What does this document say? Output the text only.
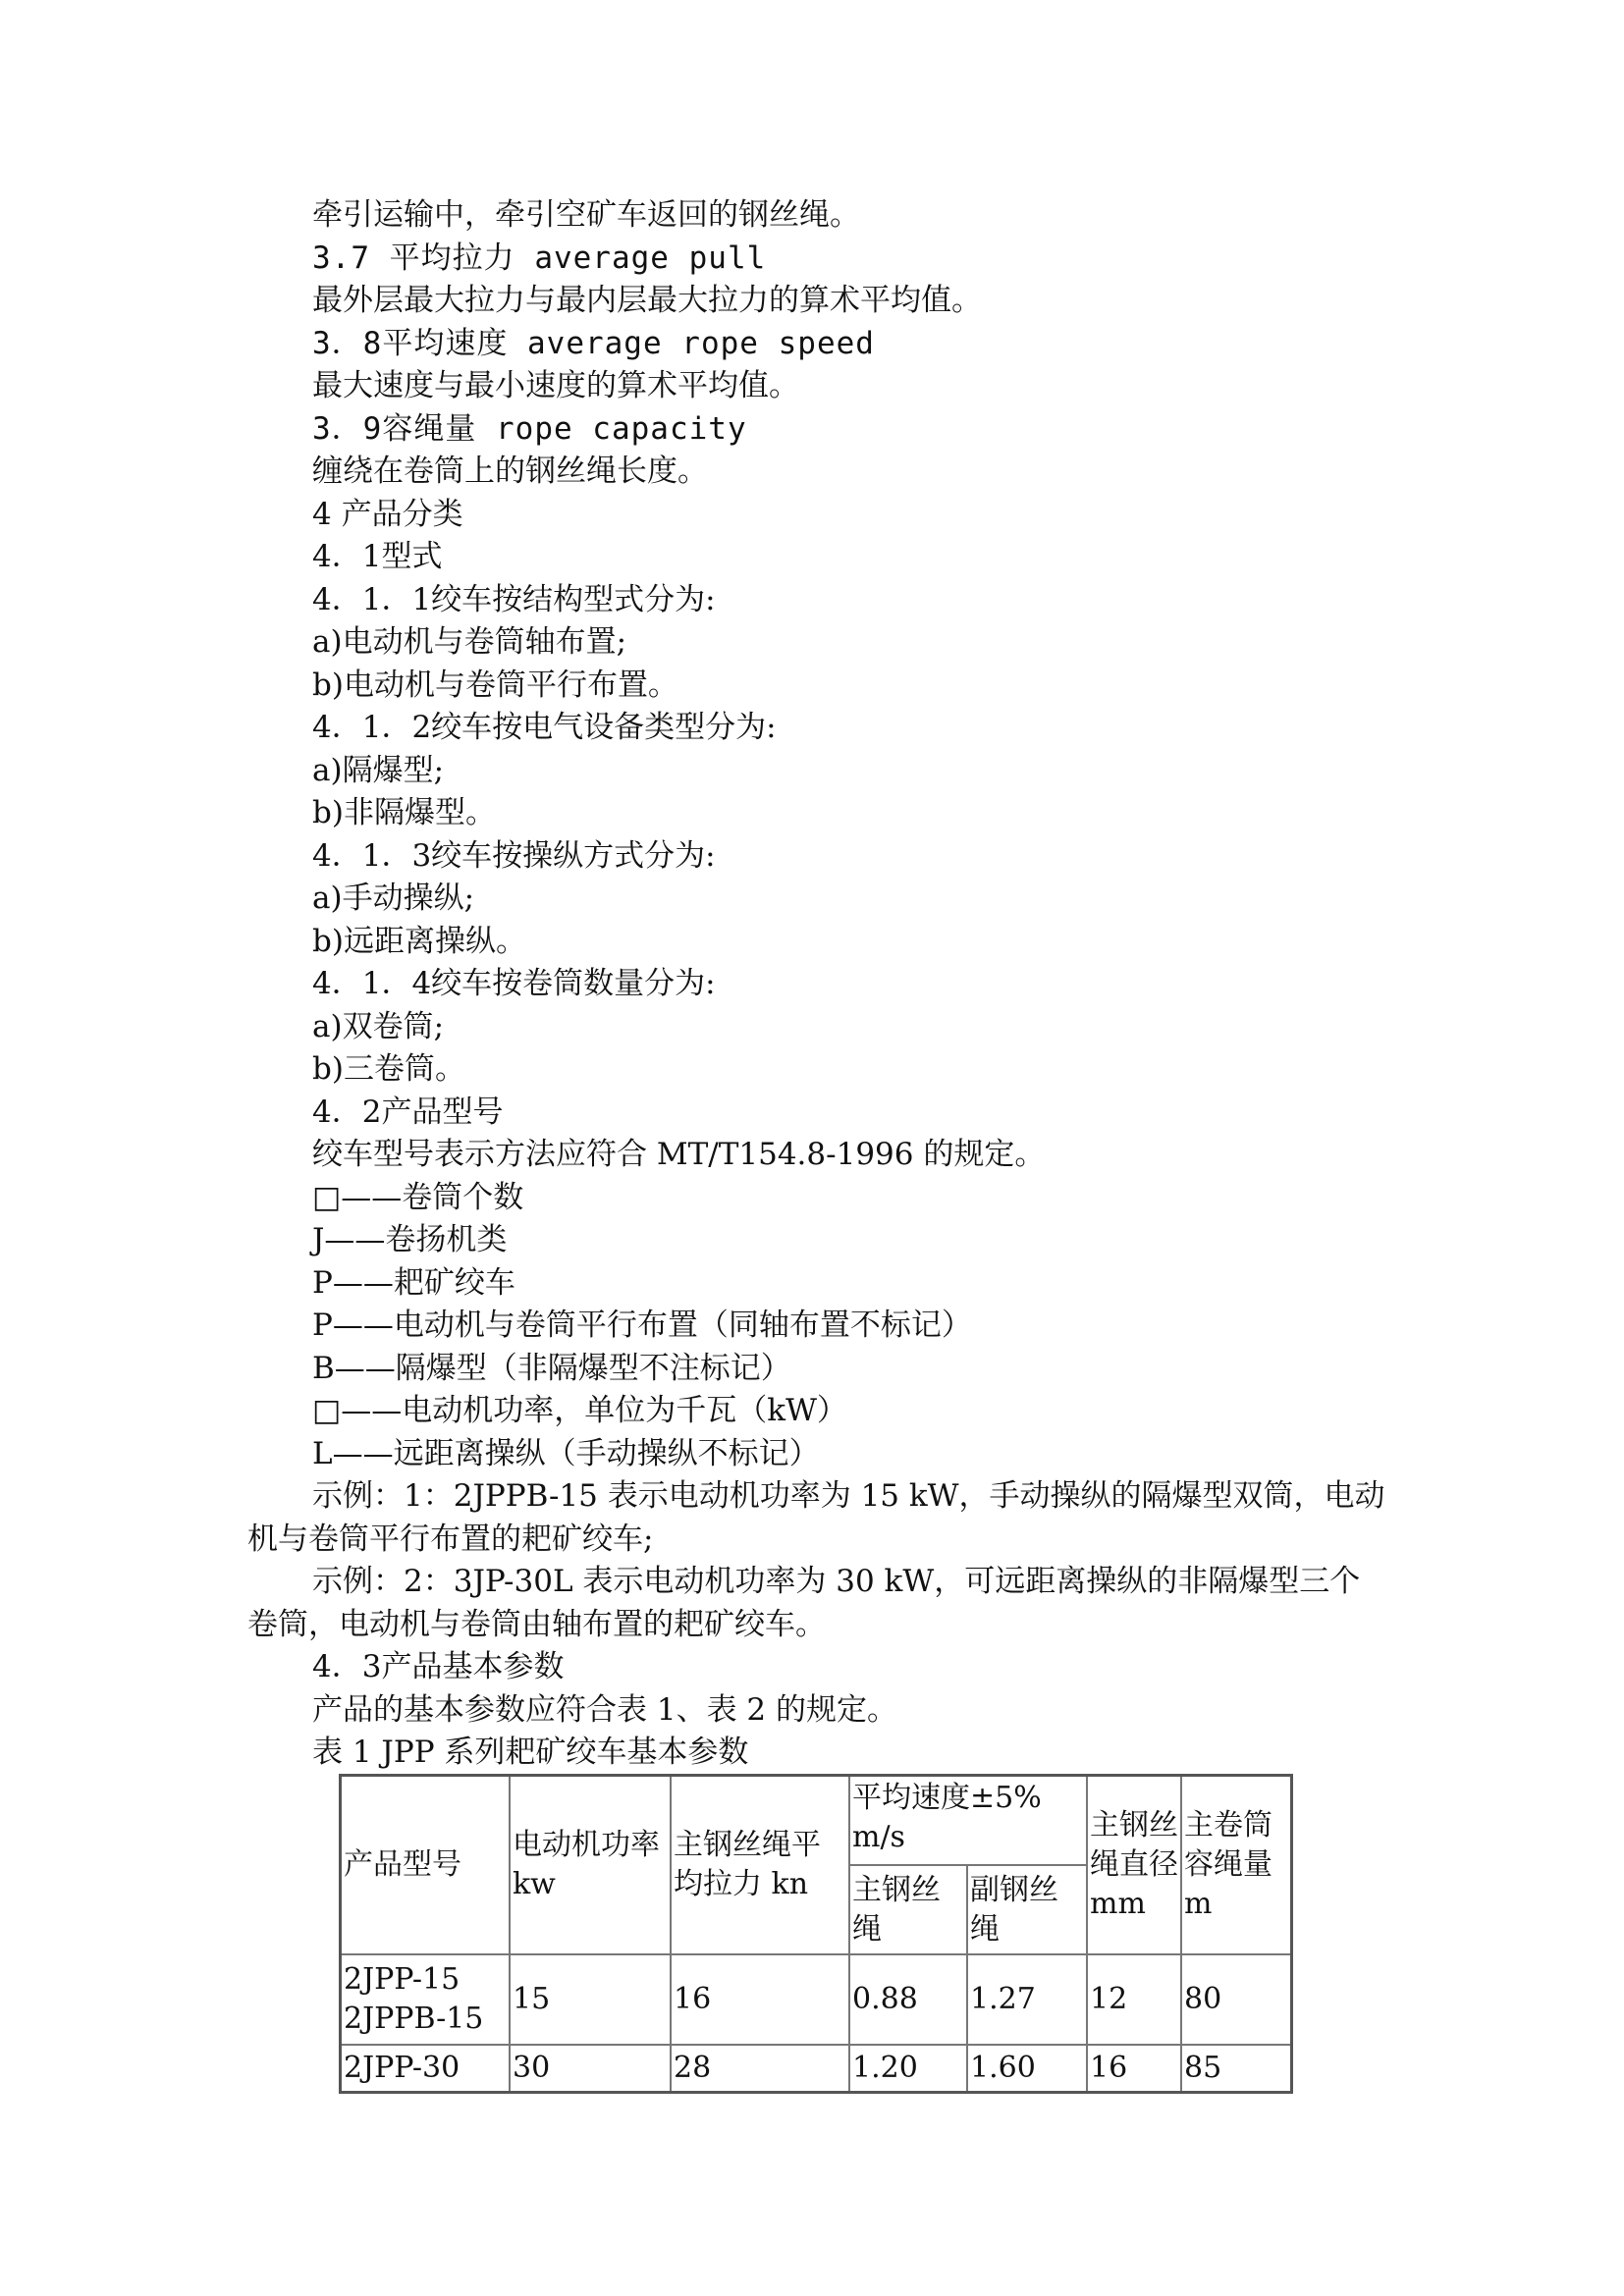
牵引运输中，牵引空矿车返回的钢丝绳。

3.7 平均拉力 average pull

最外层最大拉力与最内层最大拉力的算术平均值。

3．8平均速度 average rope speed

最大速度与最小速度的算术平均值。

3．9容绳量 rope capacity

缠绕在卷筒上的钢丝绳长度。

4 产品分类

4．1型式

4．1．1绞车按结构型式分为:

a)电动机与卷筒轴布置;

b)电动机与卷筒平行布置。

4．1．2绞车按电气设备类型分为:

a)隔爆型;

b)非隔爆型。

4．1．3绞车按操纵方式分为:

a)手动操纵;

b)远距离操纵。

4．1．4绞车按卷筒数量分为:

a)双卷筒;

b)三卷筒。

4．2产品型号

绞车型号表示方法应符合 MT/T154.8-1996 的规定。

□——卷筒个数

J——卷扬机类

P——耙矿绞车

P——电动机与卷筒平行布置（同轴布置不标记）

B——隔爆型（非隔爆型不注标记）

□——电动机功率，单位为千瓦（kW）

L——远距离操纵（手动操纵不标记）

示例：1：2JPPB-15 表示电动机功率为 15 kW，手动操纵的隔爆型双筒，电动机与卷筒平行布置的耙矿绞车;

示例：2：3JP-30L 表示电动机功率为 30 kW，可远距离操纵的非隔爆型三个卷筒，电动机与卷筒由轴布置的耙矿绞车。

4．3产品基本参数

产品的基本参数应符合表 1、表 2 的规定。

表 1 JPP 系列耙矿绞车基本参数

产品型号	电动机功率 kw	主钢丝绳平均拉力 kn	平均速度±5% m/s		主钢丝绳直径 mm	主卷筒容绳量 m
			主钢丝绳	副钢丝绳		
2JPP-15 2JPPB-15	15	16	0.88	1.27	12	80
2JPP-30	30	28	1.20	1.60	16	85
